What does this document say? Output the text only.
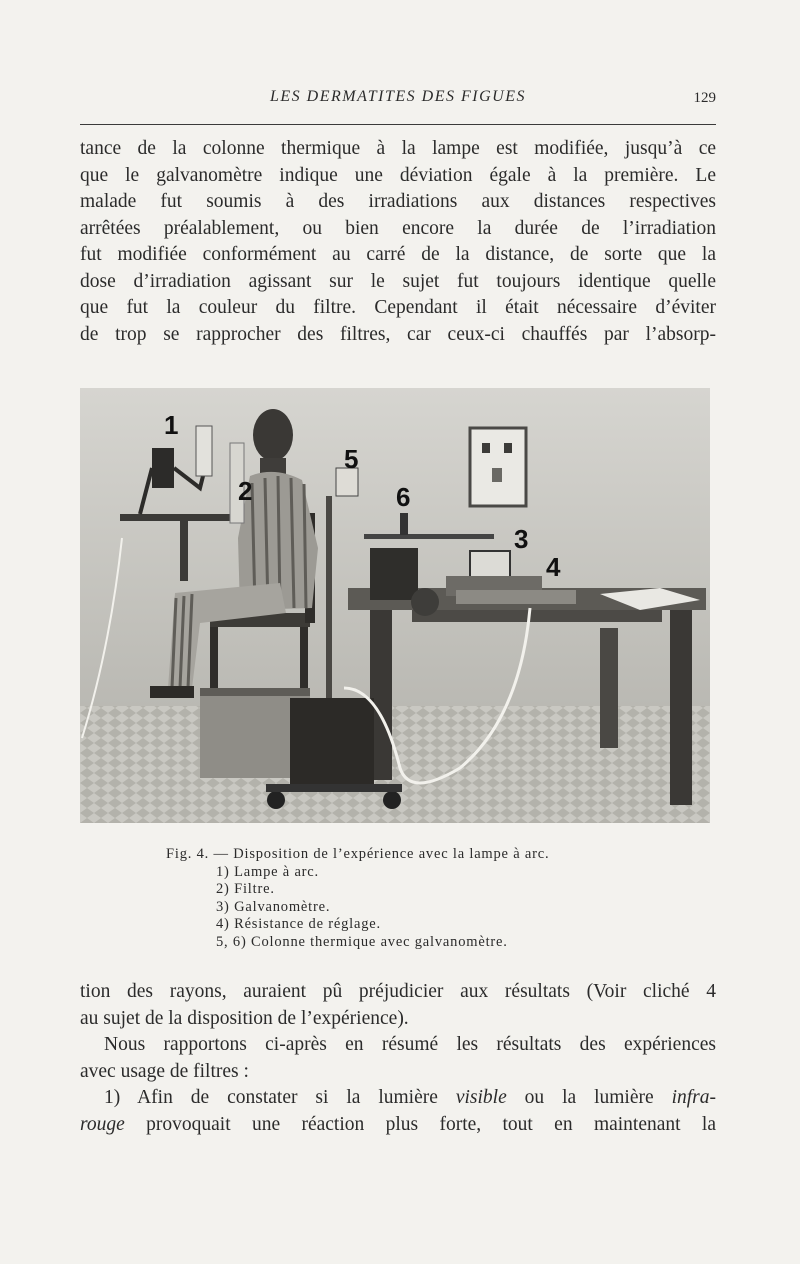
LES DERMATITES DES FIGUES	129
tance de la colonne thermique à la lampe est modifiée, jusqu’à ce
que le galvanomètre indique une déviation égale à la première. Le
malade fut soumis à des irradiations aux distances respectives
arrêtées préalablement, ou bien encore la durée de l’irradiation
fut modifiée conformément au carré de la distance, de sorte que la
dose d’irradiation agissant sur le sujet fut toujours identique quelle
que fut la couleur du filtre. Cependant il était nécessaire d’éviter
de trop se rapprocher des filtres, car ceux-ci chauffés par l’absorp-
1
2
3
4
5
6
Fig. 4. — Disposition de l’expérience avec la lampe à arc.
1) Lampe à arc.
2) Filtre.
3) Galvanomètre.
4) Résistance de réglage.
5, 6) Colonne thermique avec galvanomètre.
tion des rayons, auraient pû préjudicier aux résultats (Voir cliché 4
au sujet de la disposition de l’expérience).
Nous rapportons ci-après en résumé les résultats des expériences
avec usage de filtres :
1) Afin de constater si la lumière visible ou la lumière infra-
rouge provoquait une réaction plus forte, tout en maintenant la
